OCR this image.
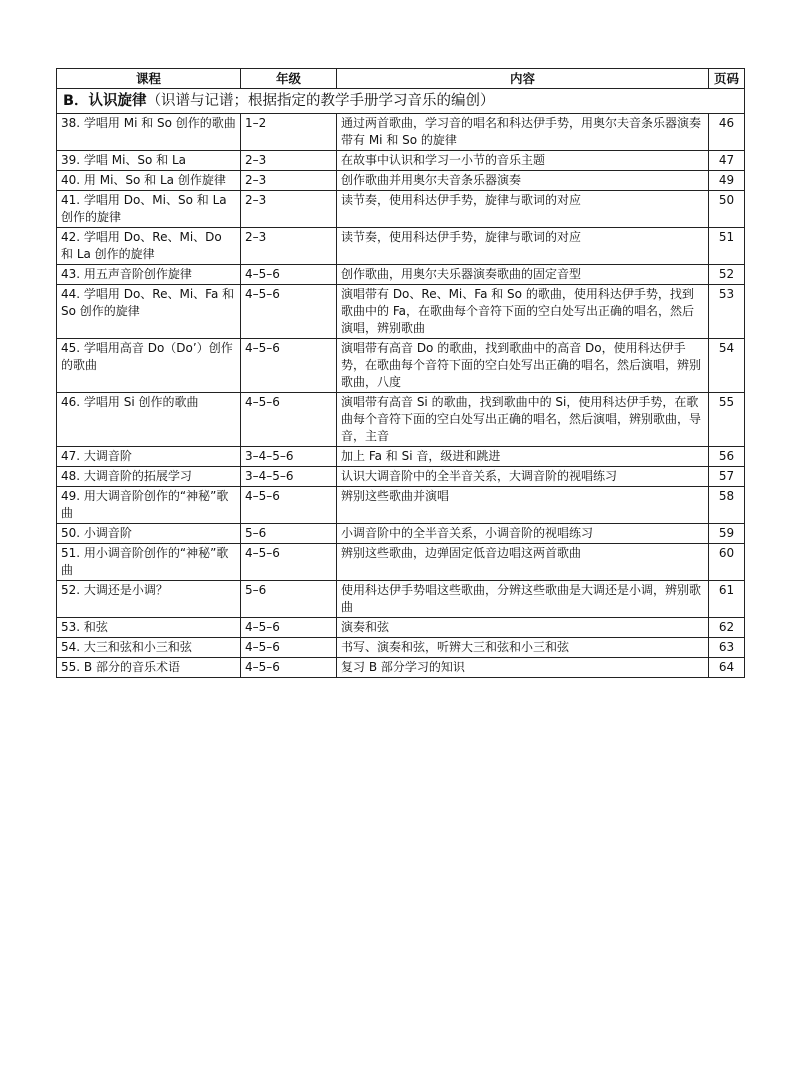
课程	年级	内容	页码
B．认识旋律（识谱与记谱；根据指定的教学手册学习音乐的编创）			
38. 学唱用 Mi 和 So 创作的歌曲	1–2	通过两首歌曲，学习音的唱名和科达伊手势，用奥尔夫音条乐器演奏带有 Mi 和 So 的旋律	46
39. 学唱 Mi、So 和 La	2–3	在故事中认识和学习一小节的音乐主题	47
40. 用 Mi、So 和 La 创作旋律	2–3	创作歌曲并用奥尔夫音条乐器演奏	49
41. 学唱用 Do、Mi、So 和 La 创作的旋律	2–3	读节奏，使用科达伊手势，旋律与歌词的对应	50
42. 学唱用 Do、Re、Mi、Do 和 La 创作的旋律	2–3	读节奏，使用科达伊手势，旋律与歌词的对应	51
43. 用五声音阶创作旋律	4–5–6	创作歌曲，用奥尔夫乐器演奏歌曲的固定音型	52
44. 学唱用 Do、Re、Mi、Fa 和 So 创作的旋律	4–5–6	演唱带有 Do、Re、Mi、Fa 和 So 的歌曲，使用科达伊手势，找到歌曲中的 Fa，在歌曲每个音符下面的空白处写出正确的唱名，然后演唱，辨别歌曲	53
45. 学唱用高音 Do（Do’）创作的歌曲	4–5–6	演唱带有高音 Do 的歌曲，找到歌曲中的高音 Do，使用科达伊手势，在歌曲每个音符下面的空白处写出正确的唱名，然后演唱，辨别歌曲，八度	54
46. 学唱用 Si 创作的歌曲	4–5–6	演唱带有高音 Si 的歌曲，找到歌曲中的 Si，使用科达伊手势，在歌曲每个音符下面的空白处写出正确的唱名，然后演唱，辨别歌曲，导音，主音	55
47. 大调音阶	3–4–5–6	加上 Fa 和 Si 音，级进和跳进	56
48. 大调音阶的拓展学习	3–4–5–6	认识大调音阶中的全半音关系，大调音阶的视唱练习	57
49. 用大调音阶创作的“神秘”歌曲	4–5–6	辨别这些歌曲并演唱	58
50. 小调音阶	5–6	小调音阶中的全半音关系，小调音阶的视唱练习	59
51. 用小调音阶创作的“神秘”歌曲	4–5–6	辨别这些歌曲，边弹固定低音边唱这两首歌曲	60
52. 大调还是小调？	5–6	使用科达伊手势唱这些歌曲，分辨这些歌曲是大调还是小调，辨别歌曲	61
53. 和弦	4–5–6	演奏和弦	62
54. 大三和弦和小三和弦	4–5–6	书写、演奏和弦，听辨大三和弦和小三和弦	63
55. B 部分的音乐术语	4–5–6	复习 B 部分学习的知识	64
